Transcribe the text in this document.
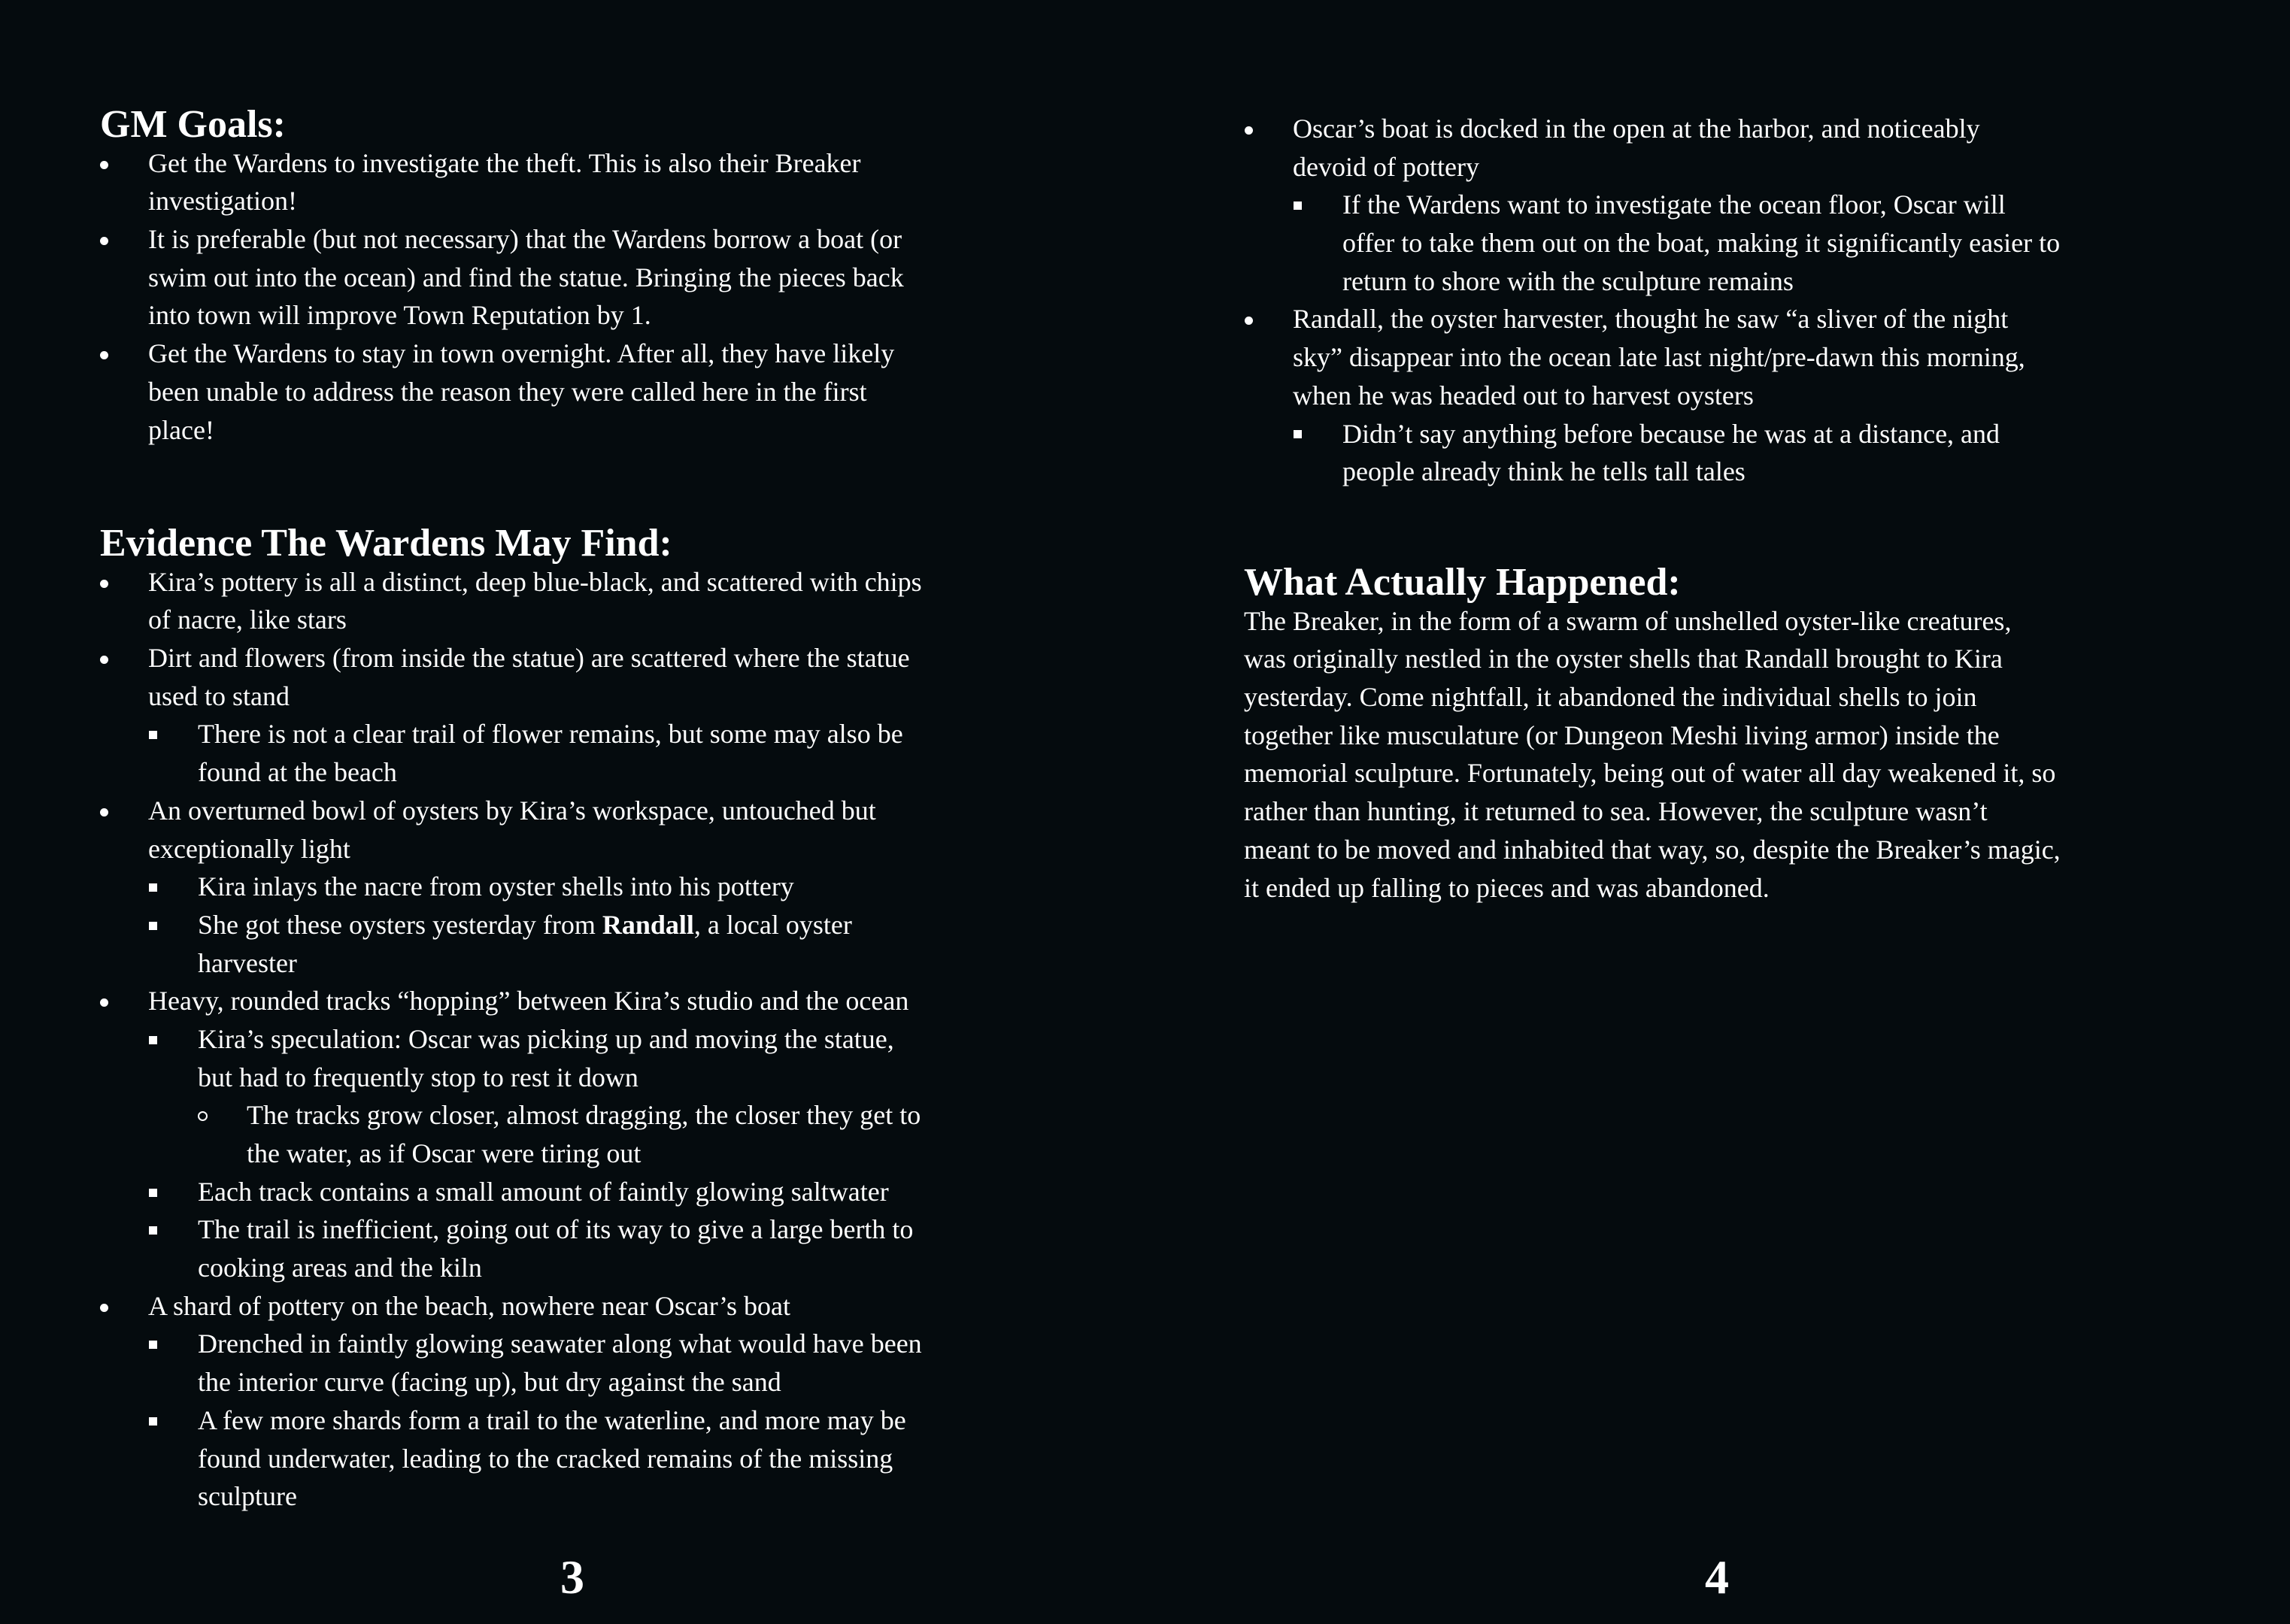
GM Goals:
Get the Wardens to investigate the theft. This is also their Breaker
investigation!
It is preferable (but not necessary) that the Wardens borrow a boat (or
swim out into the ocean) and find the statue. Bringing the pieces back
into town will improve Town Reputation by 1.
Get the Wardens to stay in town overnight. After all, they have likely
been unable to address the reason they were called here in the first
place!
Evidence The Wardens May Find:
Kira’s pottery is all a distinct, deep blue-black, and scattered with chips
of nacre, like stars
Dirt and flowers (from inside the statue) are scattered where the statue
used to stand
There is not a clear trail of flower remains, but some may also be
found at the beach
An overturned bowl of oysters by Kira’s workspace, untouched but
exceptionally light
Kira inlays the nacre from oyster shells into his pottery
She got these oysters yesterday from Randall, a local oyster
harvester
Heavy, rounded tracks “hopping” between Kira’s studio and the ocean
Kira’s speculation: Oscar was picking up and moving the statue,
but had to frequently stop to rest it down
The tracks grow closer, almost dragging, the closer they get to
the water, as if Oscar were tiring out
Each track contains a small amount of faintly glowing saltwater
The trail is inefficient, going out of its way to give a large berth to
cooking areas and the kiln
A shard of pottery on the beach, nowhere near Oscar’s boat
Drenched in faintly glowing seawater along what would have been
the interior curve (facing up), but dry against the sand
A few more shards form a trail to the waterline, and more may be
found underwater, leading to the cracked remains of the missing
sculpture
3
Oscar’s boat is docked in the open at the harbor, and noticeably
devoid of pottery
If the Wardens want to investigate the ocean floor, Oscar will
offer to take them out on the boat, making it significantly easier to
return to shore with the sculpture remains
Randall, the oyster harvester, thought he saw “a sliver of the night
sky” disappear into the ocean late last night/pre-dawn this morning,
when he was headed out to harvest oysters
Didn’t say anything before because he was at a distance, and
people already think he tells tall tales
What Actually Happened:
The Breaker, in the form of a swarm of unshelled oyster-like creatures,
was originally nestled in the oyster shells that Randall brought to Kira
yesterday. Come nightfall, it abandoned the individual shells to join
together like musculature (or Dungeon Meshi living armor) inside the
memorial sculpture. Fortunately, being out of water all day weakened it, so
rather than hunting, it returned to sea. However, the sculpture wasn’t
meant to be moved and inhabited that way, so, despite the Breaker’s magic,
it ended up falling to pieces and was abandoned.
4
